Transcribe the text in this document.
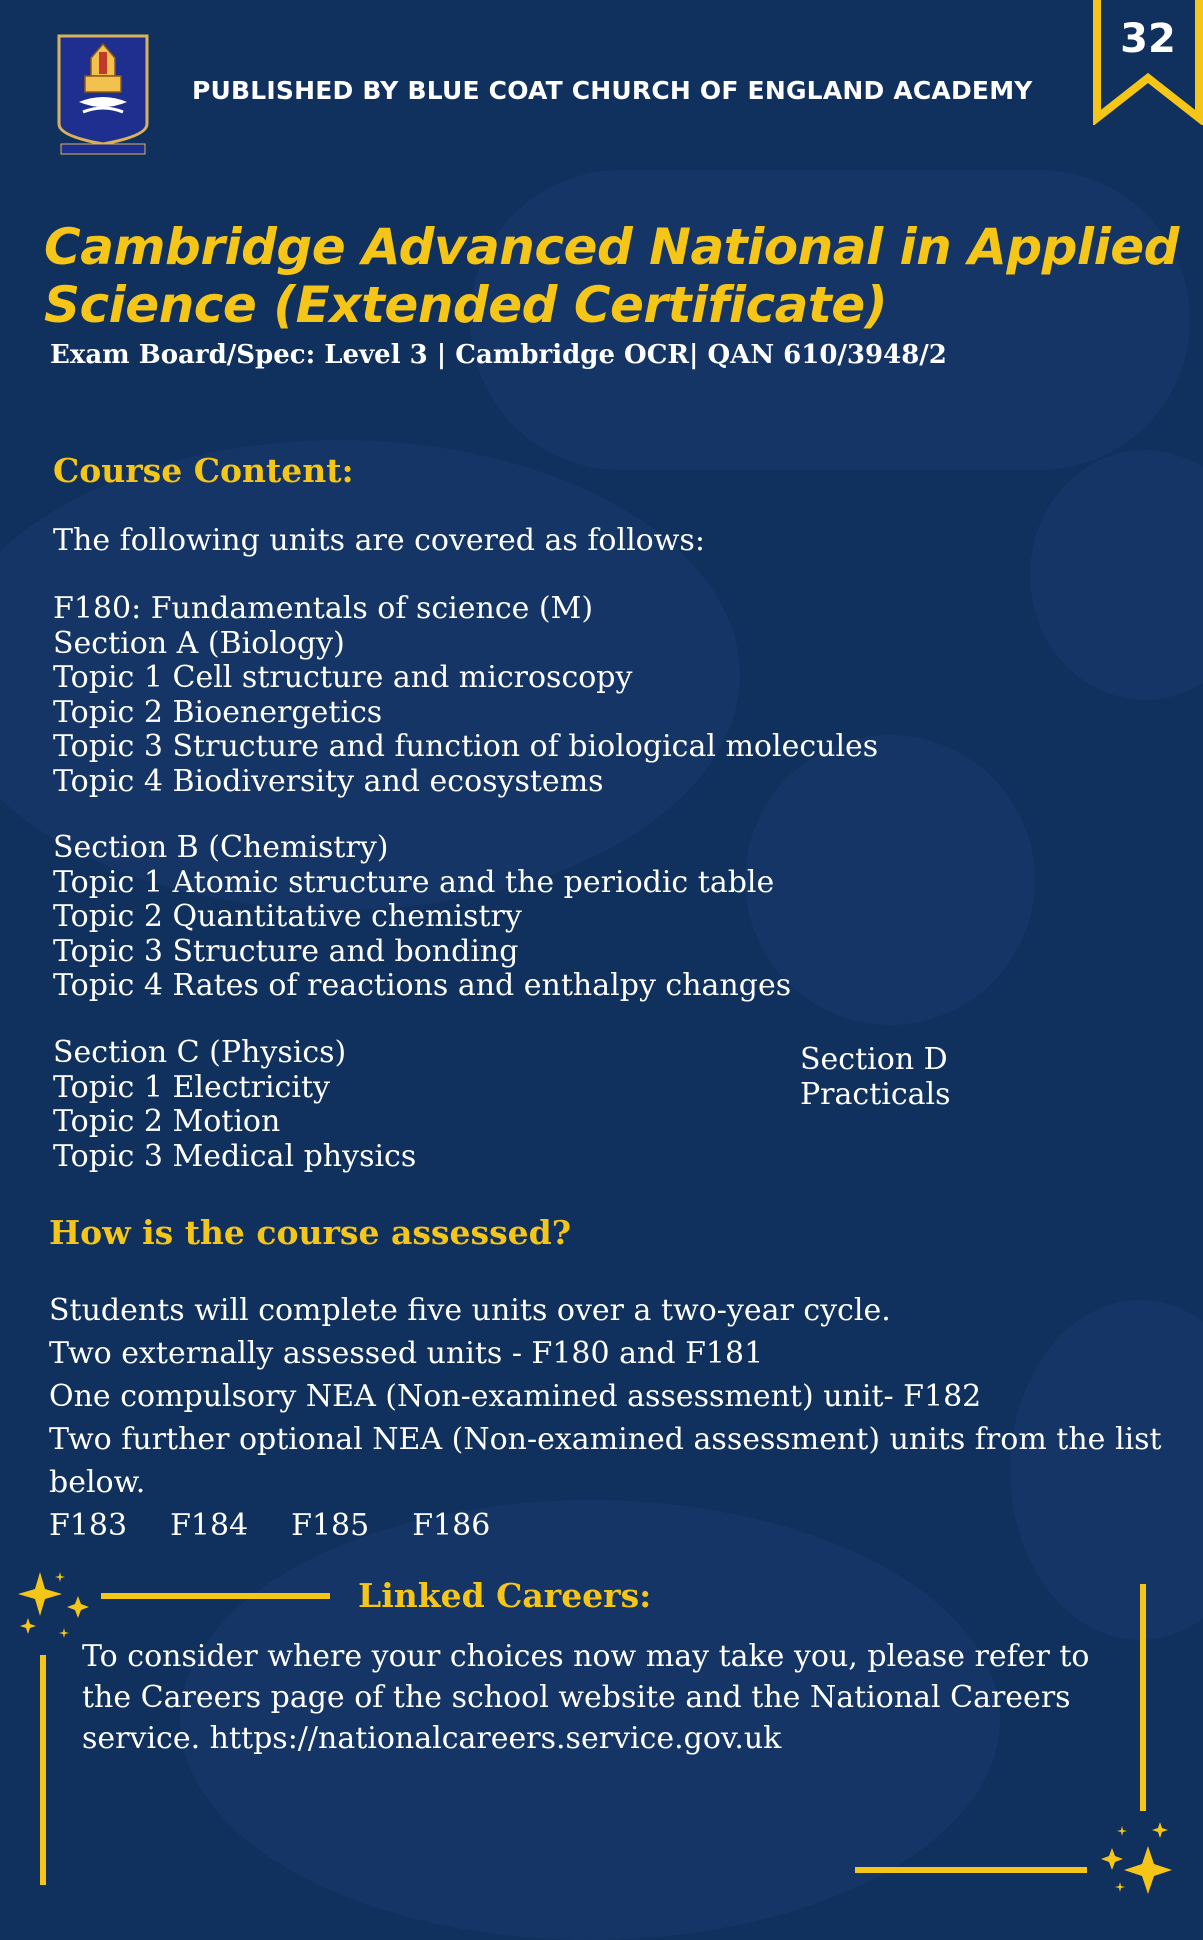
PUBLISHED BY BLUE COAT CHURCH OF ENGLAND ACADEMY
32
Cambridge Advanced National in Applied
Science (Extended Certificate)
Exam Board/Spec: Level 3 | Cambridge OCR| QAN 610/3948/2
Course Content:
The following units are covered as follows:
F180: Fundamentals of science (M)
Section A (Biology)
Topic 1 Cell structure and microscopy
Topic 2 Bioenergetics
Topic 3 Structure and function of biological molecules
Topic 4 Biodiversity and ecosystems
Section B (Chemistry)
Topic 1 Atomic structure and the periodic table
Topic 2 Quantitative chemistry
Topic 3 Structure and bonding
Topic 4 Rates of reactions and enthalpy changes
Section C (Physics)
Topic 1 Electricity
Topic 2 Motion
Topic 3 Medical physics
Section D
Practicals
How is the course assessed?
Students will complete five units over a two-year cycle.
Two externally assessed units - F180 and F181
One compulsory NEA (Non-examined assessment) unit- F182
Two further optional NEA (Non-examined assessment) units from the list
below.
F183 F184 F185 F186
Linked Careers:
To consider where your choices now may take you, please refer to
the Careers page of the school website and the National Careers
service. https://nationalcareers.service.gov.uk
